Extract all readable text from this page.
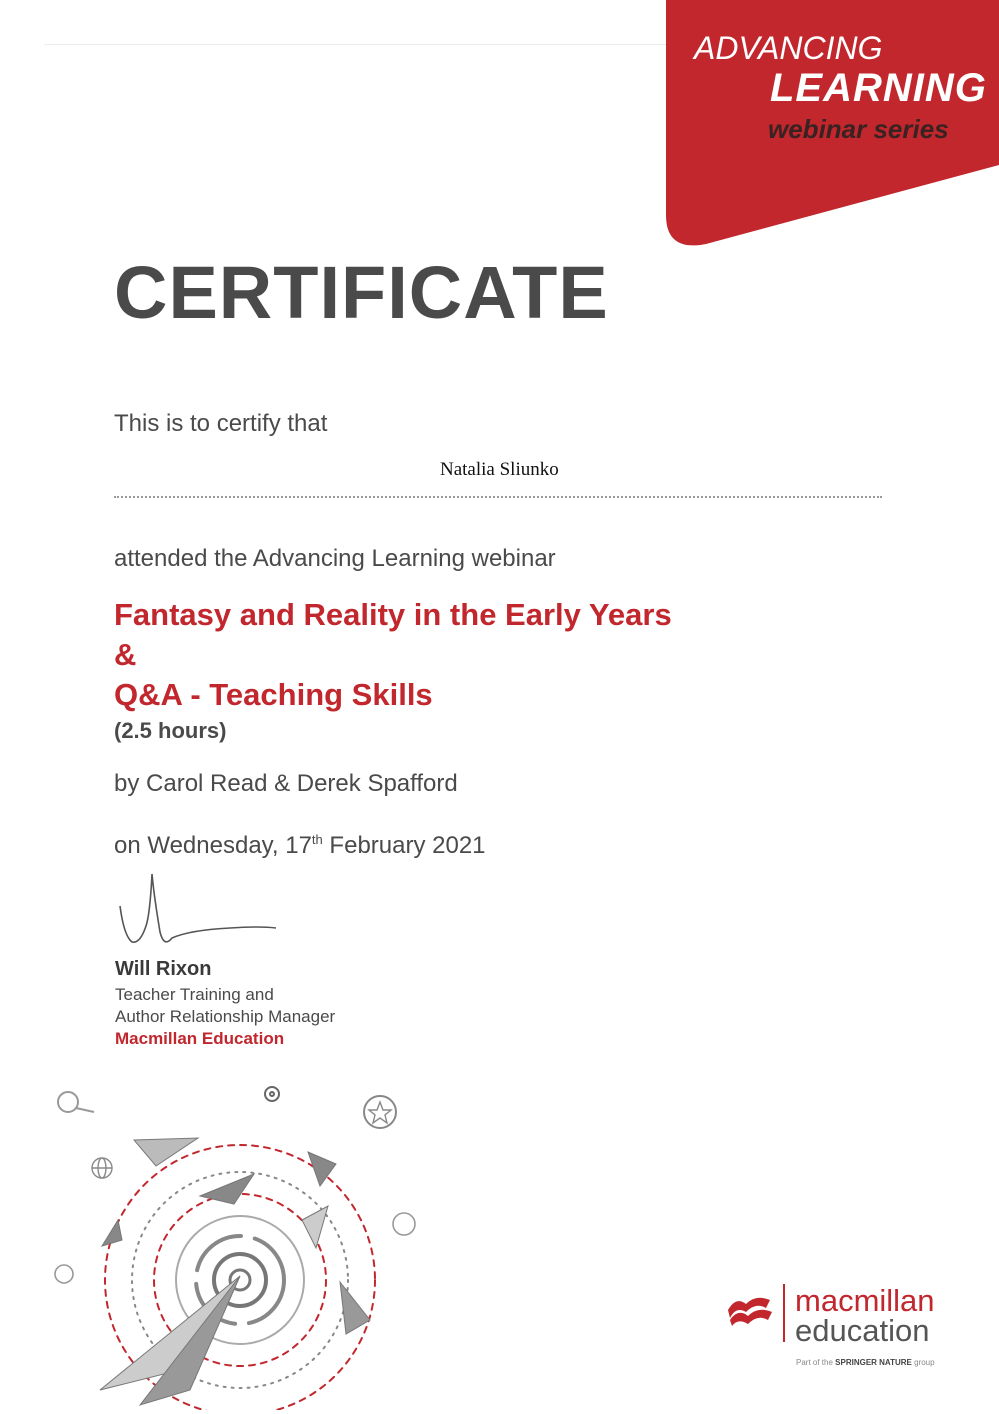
ADVANCING
LEARNING
webinar series
CERTIFICATE
This is to certify that
Natalia Sliunko
attended the Advancing Learning webinar
Fantasy and Reality in the Early Years
&
Q&A - Teaching Skills
(2.5 hours)
by Carol Read & Derek Spafford
on Wednesday, 17th February 2021
Will Rixon
Teacher Training and
Author Relationship Manager
Macmillan Education
macmillan
education
Part of the SPRINGER NATURE group
